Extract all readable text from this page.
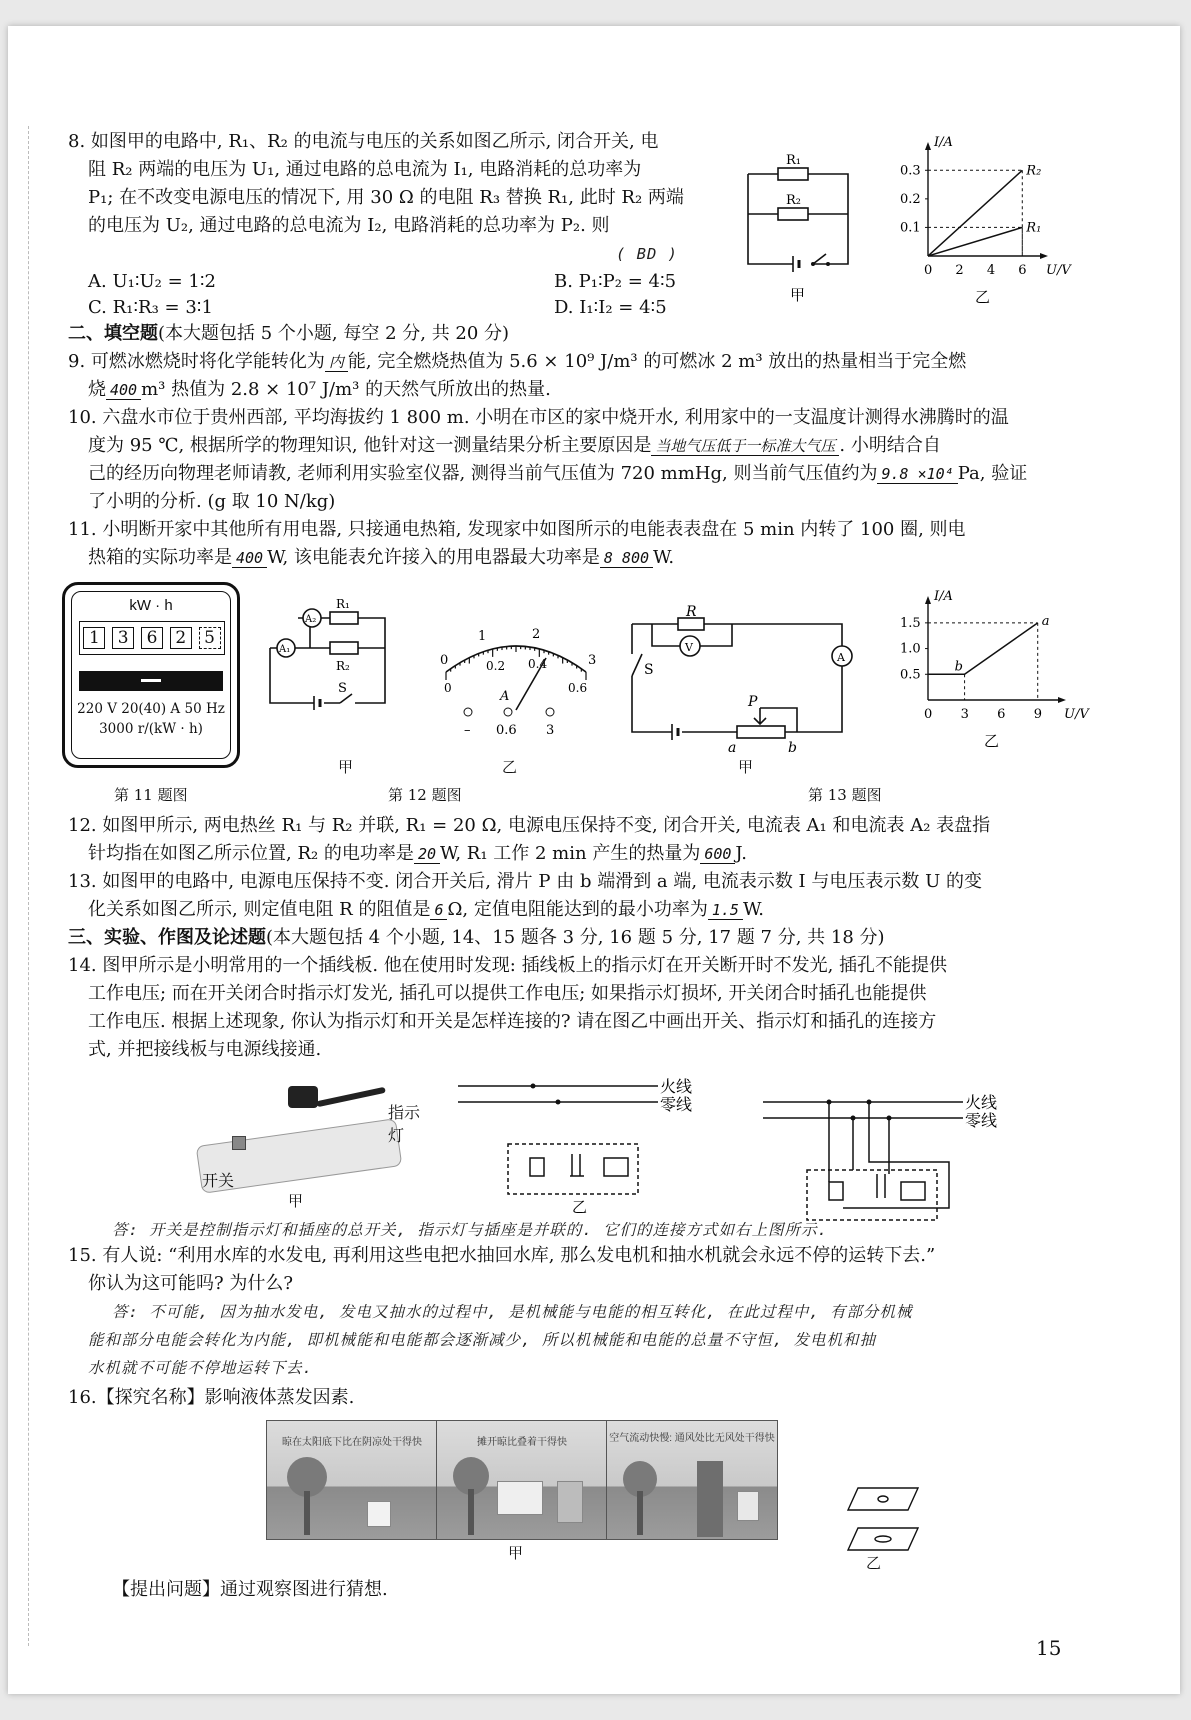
8. 如图甲的电路中, R₁、R₂ 的电流与电压的关系如图乙所示, 闭合开关, 电
阻 R₂ 两端的电压为 U₁, 通过电路的总电流为 I₁, 电路消耗的总功率为
P₁; 在不改变电源电压的情况下, 用 30 Ω 的电阻 R₃ 替换 R₁, 此时 R₂ 两端
的电压为 U₂, 通过电路的总电流为 I₂, 电路消耗的总功率为 P₂. 则
( BD )
A. U₁∶U₂ = 1∶2	B. P₁∶P₂ = 4∶5
C. R₁∶R₃ = 3∶1	D. I₁∶I₂ = 4∶5
R₁
R₂
甲
0 2 4 6
0.1
0.2
0.3
U/V
I/A
R₂
R₁
乙
二、填空题(本大题包括 5 个小题, 每空 2 分, 共 20 分)
9. 可燃冰燃烧时将化学能转化为 内 能, 完全燃烧热值为 5.6 × 10⁹ J/m³ 的可燃冰 2 m³ 放出的热量相当于完全燃
烧 400 m³ 热值为 2.8 × 10⁷ J/m³ 的天然气所放出的热量.
10. 六盘水市位于贵州西部, 平均海拔约 1 800 m. 小明在市区的家中烧开水, 利用家中的一支温度计测得水沸腾时的温
度为 95 ℃, 根据所学的物理知识, 他针对这一测量结果分析主要原因是 当地气压低于一标准大气压 . 小明结合自
己的经历向物理老师请教, 老师利用实验室仪器, 测得当前气压值为 720 mmHg, 则当前气压值约为 9.8 ×10⁴ Pa, 验证
了小明的分析. (g 取 10 N/kg)
11. 小明断开家中其他所有用电器, 只接通电热箱, 发现家中如图所示的电能表表盘在 5 min 内转了 100 圈, 则电
热箱的实际功率是 400 W, 该电能表允许接入的用电器最大功率是 8 800 W.
kW · h
1	3	6	2	5
220 V 20(40) A 50 Hz
3000 r/(kW · h)
A₁
A₂
R₁
R₂
S
甲
0
1	2
3
0
0.2 0.4
0.6
A
– 0.6 3
乙
R
V
A
S
P
a	b
甲
0 3 6 9
0.5
1.0
1.5
U/V
I/A
b
a
乙
第 11 题图	第 12 题图	第 13 题图
12. 如图甲所示, 两电热丝 R₁ 与 R₂ 并联, R₁ = 20 Ω, 电源电压保持不变, 闭合开关, 电流表 A₁ 和电流表 A₂ 表盘指
针均指在如图乙所示位置, R₂ 的电功率是 20 W, R₁ 工作 2 min 产生的热量为 600 J.
13. 如图甲的电路中, 电源电压保持不变. 闭合开关后, 滑片 P 由 b 端滑到 a 端, 电流表示数 I 与电压表示数 U 的变
化关系如图乙所示, 则定值电阻 R 的阻值是 6 Ω, 定值电阻能达到的最小功率为 1.5 W.
三、实验、作图及论述题(本大题包括 4 个小题, 14、15 题各 3 分, 16 题 5 分, 17 题 7 分, 共 18 分)
14. 图甲所示是小明常用的一个插线板. 他在使用时发现: 插线板上的指示灯在开关断开时不发光, 插孔不能提供
工作电压; 而在开关闭合时指示灯发光, 插孔可以提供工作电压; 如果指示灯损坏, 开关闭合时插孔也能提供
工作电压. 根据上述现象, 你认为指示灯和开关是怎样连接的? 请在图乙中画出开关、指示灯和插孔的连接方
式, 并把接线板与电源线接通.
指示灯
开关
甲
火线
零线
乙
火线
零线
答: 开关是控制指示灯和插座的总开关, 指示灯与插座是并联的. 它们的连接方式如右上图所示.
15. 有人说: “利用水库的水发电, 再利用这些电把水抽回水库, 那么发电机和抽水机就会永远不停的运转下去.”
你认为这可能吗? 为什么?
答: 不可能, 因为抽水发电, 发电又抽水的过程中, 是机械能与电能的相互转化, 在此过程中, 有部分机械
能和部分电能会转化为内能, 即机械能和电能都会逐渐减少, 所以机械能和电能的总量不守恒, 发电机和抽
水机就不可能不停地运转下去.
16.【探究名称】影响液体蒸发因素.
晾在太阳底下比在阴凉处干得快	摊开晾比叠着干得快	空气流动快慢: 通风处比无风处干得快
甲
乙
【提出问题】通过观察图进行猜想.
15
